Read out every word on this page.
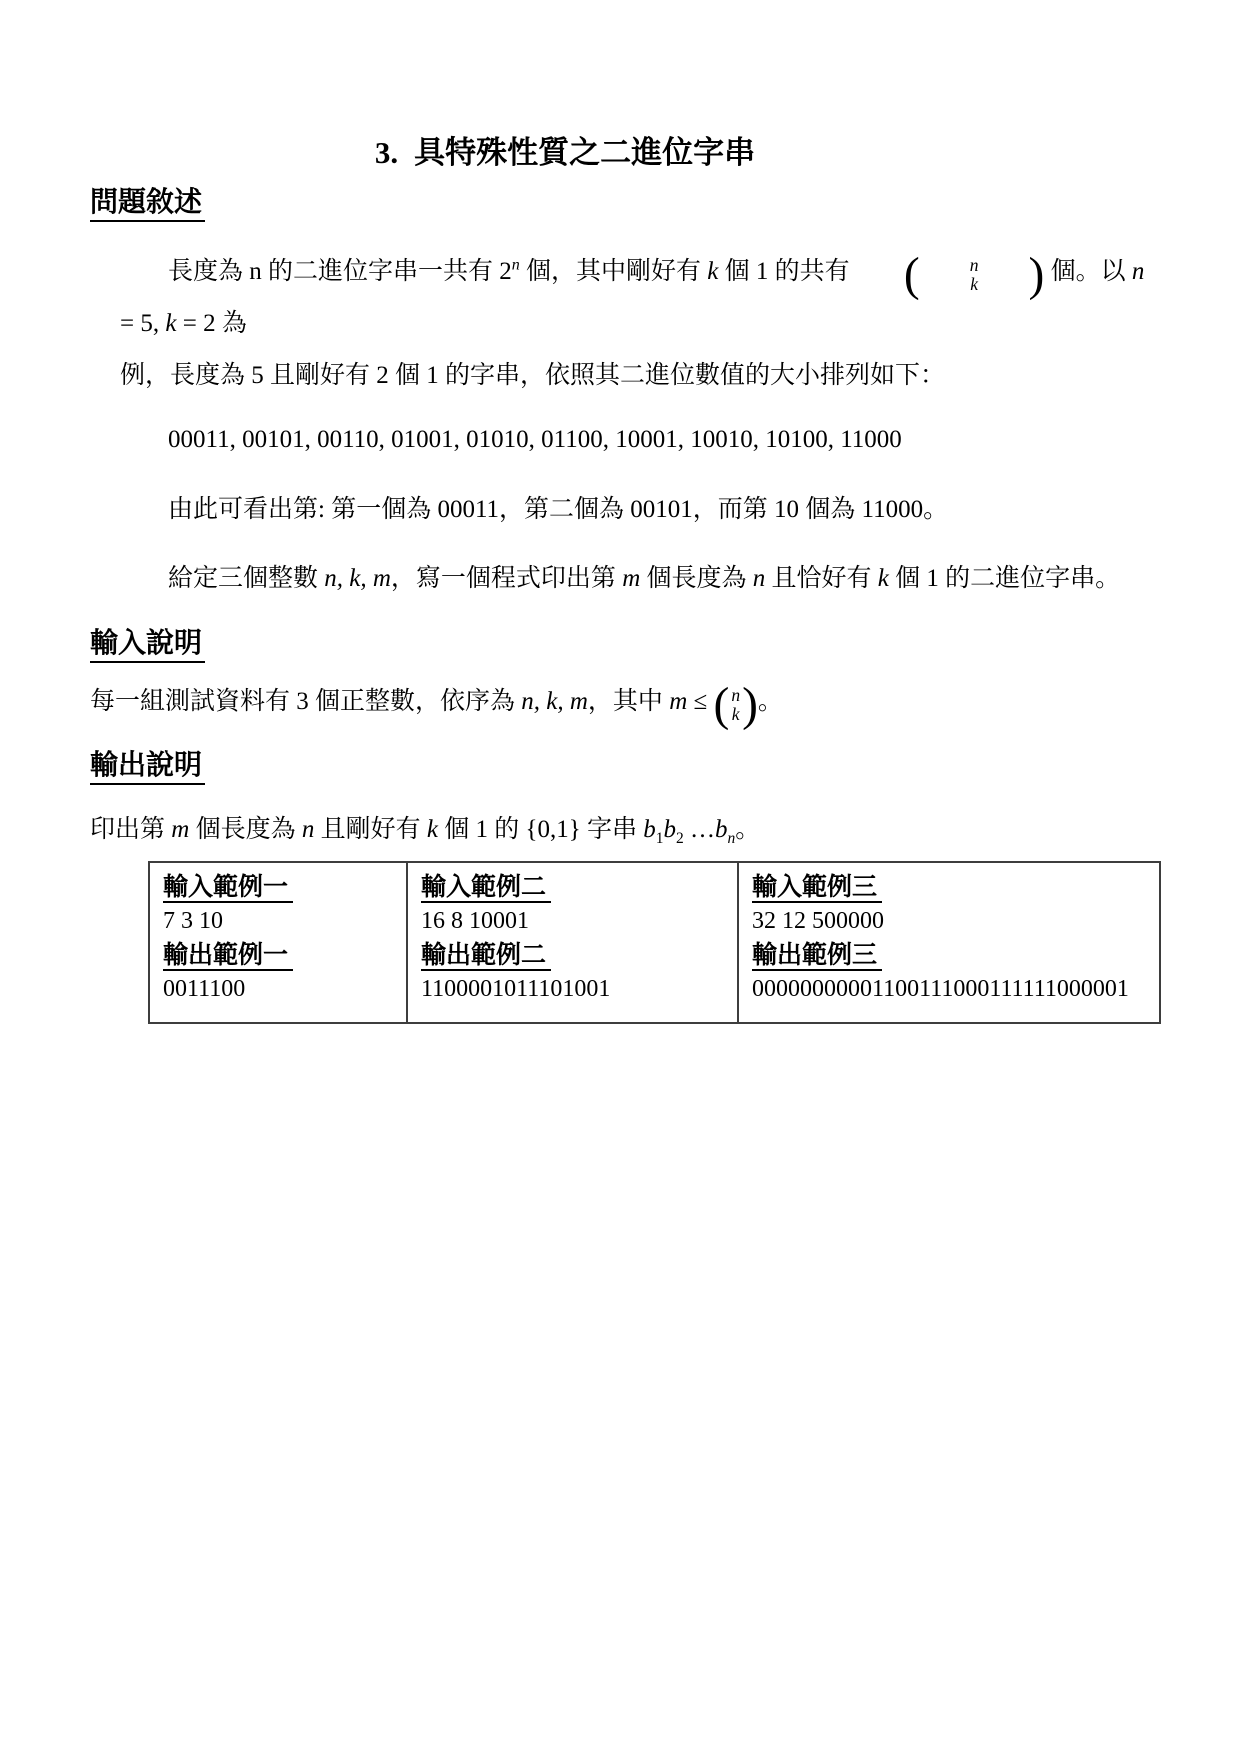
3. 具特殊性質之二進位字串
問題敘述

長度為 n 的二進位字串一共有 2$^n$ 個，其中剛好有 k 個 1 的共有	(	n
k	) 個。以 n = 5, k = 2 為
例，長度為 5 且剛好有 2 個 1 的字串，依照其二進位數值的大小排列如下：

00011, 00101, 00110, 01001, 01010, 01100, 10001, 10010, 10100, 11000

由此可看出第: 第一個為 00011，第二個為 00101，而第 10 個為 11000。

給定三個整數 n, k, m，寫一個程式印出第 m 個長度為 n 且恰好有 k 個 1 的二進位字串。

輸入說明

每一組測試資料有 3 個正整數，依序為 n, k, m，其中 m ≤ ( n
k ) 。

輸出說明

印出第 m 個長度為 n 且剛好有 k 個 1 的 {0,1} 字串 $b_1b_2$ $\dots b_n$。

輸入範例一
7 3 10
輸出範例一
0011100
輸入範例二
16 8 10001
輸出範例二
1100001011101001
輸入範例三
32 12 500000
輸出範例三
00000000001100111000111111000001
